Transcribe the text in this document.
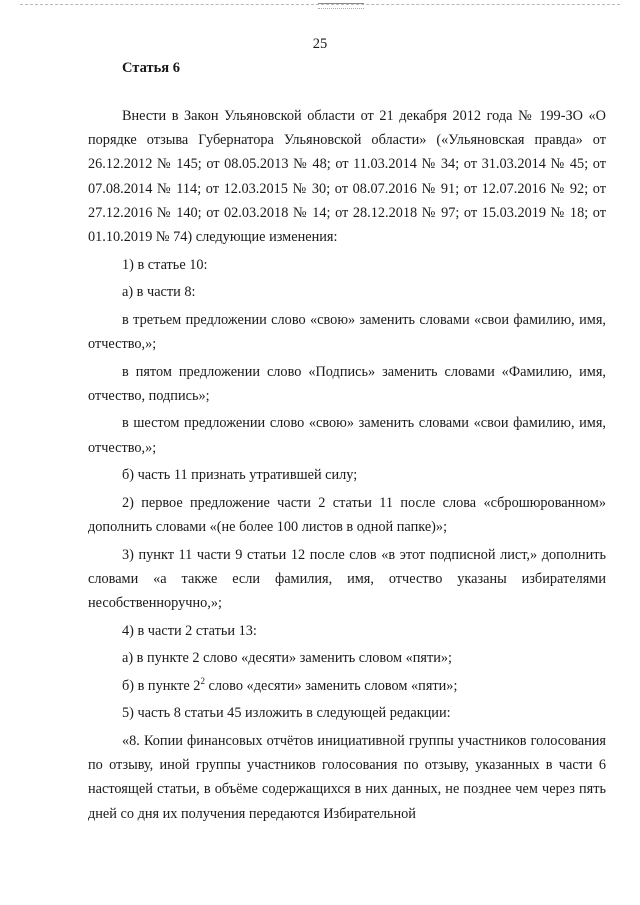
25
Статья 6

Внести в Закон Ульяновской области от 21 декабря 2012 года № 199-ЗО «О порядке отзыва Губернатора Ульяновской области» («Ульяновская правда» от 26.12.2012 № 145; от 08.05.2013 № 48; от 11.03.2014 № 34; от 31.03.2014 № 45; от 07.08.2014 № 114; от 12.03.2015 № 30; от 08.07.2016 № 91; от 12.07.2016 № 92; от 27.12.2016 № 140; от 02.03.2018 № 14; от 28.12.2018 № 97; от 15.03.2019 № 18; от 01.10.2019 № 74) следующие изменения:

1) в статье 10:

а) в части 8:

в третьем предложении слово «свою» заменить словами «свои фамилию, имя, отчество,»;

в пятом предложении слово «Подпись» заменить словами «Фамилию, имя, отчество, подпись»;

в шестом предложении слово «свою» заменить словами «свои фамилию, имя, отчество,»;

б) часть 11 признать утратившей силу;

2) первое предложение части 2 статьи 11 после слова «сброшюрованном» дополнить словами «(не более 100 листов в одной папке)»;

3) пункт 11 части 9 статьи 12 после слов «в этот подписной лист,» дополнить словами «а также если фамилия, имя, отчество указаны избирателями несобственноручно,»;

4) в части 2 статьи 13:

а) в пункте 2 слово «десяти» заменить словом «пяти»;

б) в пункте $2^2$ слово «десяти» заменить словом «пяти»;

5) часть 8 статьи 45 изложить в следующей редакции:

«8. Копии финансовых отчётов инициативной группы участников голосования по отзыву, иной группы участников голосования по отзыву, указанных в части 6 настоящей статьи, в объёме содержащихся в них данных, не позднее чем через пять дней со дня их получения передаются Избирательной
